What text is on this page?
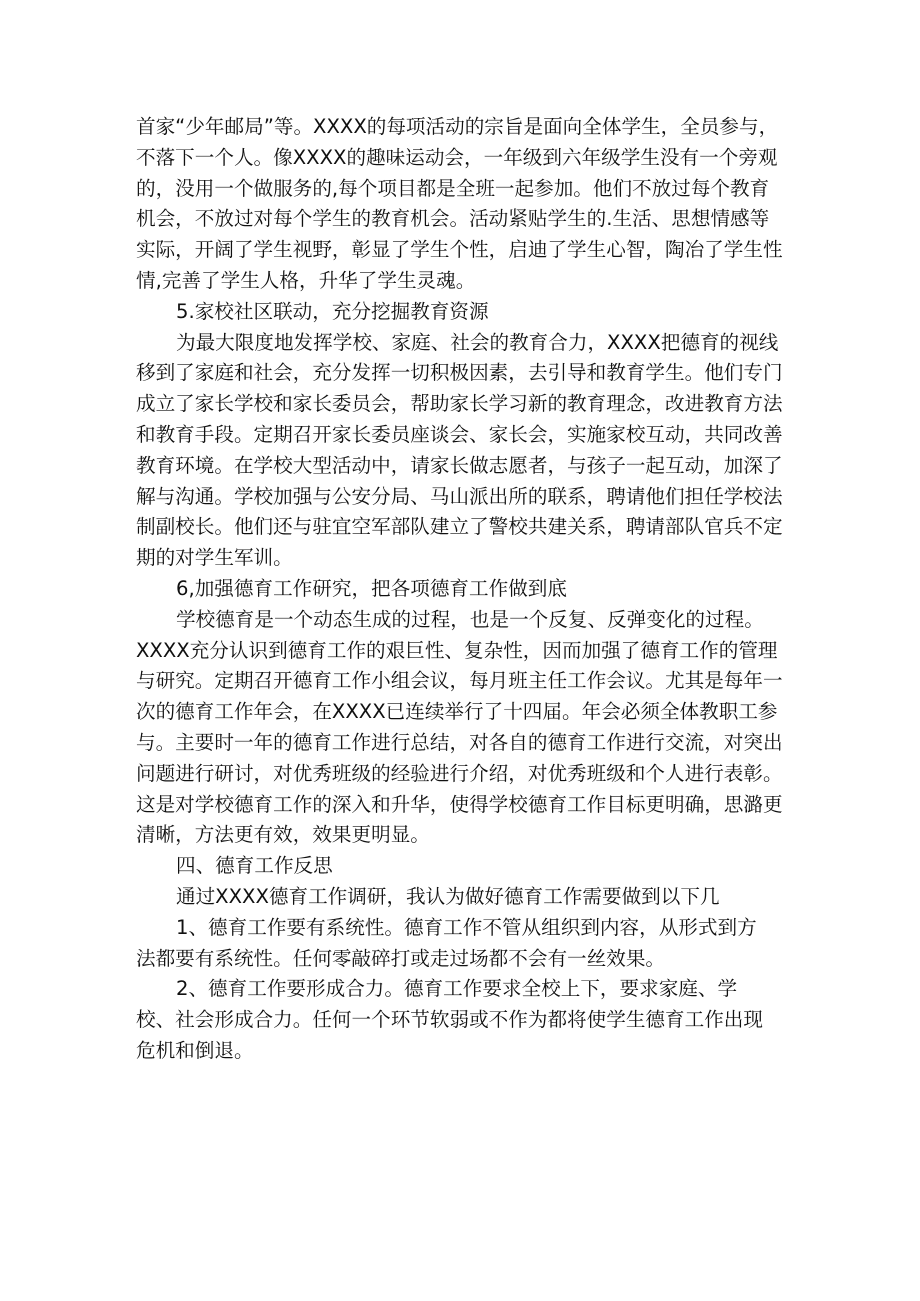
首家“少年邮局”等。XXXX的每项活动的宗旨是面向全体学生，全员参与，
不落下一个人。像XXXX的趣味运动会，一年级到六年级学生没有一个旁观
的，没用一个做服务的,每个项目都是全班一起参加。他们不放过每个教育
机会，不放过对每个学生的教育机会。活动紧贴学生的.生活、思想情感等
实际，开阔了学生视野，彰显了学生个性，启迪了学生心智，陶冶了学生性
情,完善了学生人格，升华了学生灵魂。
5.家校社区联动，充分挖掘教育资源
为最大限度地发挥学校、家庭、社会的教育合力，XXXX把德育的视线
移到了家庭和社会，充分发挥一切积极因素，去引导和教育学生。他们专门
成立了家长学校和家长委员会，帮助家长学习新的教育理念，改进教育方法
和教育手段。定期召开家长委员座谈会、家长会，实施家校互动，共同改善
教育环境。在学校大型活动中，请家长做志愿者，与孩子一起互动，加深了
解与沟通。学校加强与公安分局、马山派出所的联系，聘请他们担任学校法
制副校长。他们还与驻宜空军部队建立了警校共建关系，聘请部队官兵不定
期的对学生军训。
6,加强德育工作研究，把各项德育工作做到底
学校德育是一个动态生成的过程，也是一个反复、反弹变化的过程。
XXXX充分认识到德育工作的艰巨性、复杂性，因而加强了德育工作的管理
与研究。定期召开德育工作小组会议，每月班主任工作会议。尤其是每年一
次的德育工作年会，在XXXX已连续举行了十四届。年会必须全体教职工参
与。主要时一年的德育工作进行总结，对各自的德育工作进行交流，对突出
问题进行研讨，对优秀班级的经验进行介绍，对优秀班级和个人进行表彰。
这是对学校德育工作的深入和升华，使得学校德育工作目标更明确，思潞更
清晰，方法更有效，效果更明显。
四、德育工作反思
通过XXXX德育工作调研，我认为做好德育工作需要做到以下几
1、德育工作要有系统性。德育工作不管从组织到内容，从形式到方
法都要有系统性。任何零敲碎打或走过场都不会有一丝效果。
2、德育工作要形成合力。德育工作要求全校上下，要求家庭、学
校、社会形成合力。任何一个环节软弱或不作为都将使学生德育工作出现
危机和倒退。
